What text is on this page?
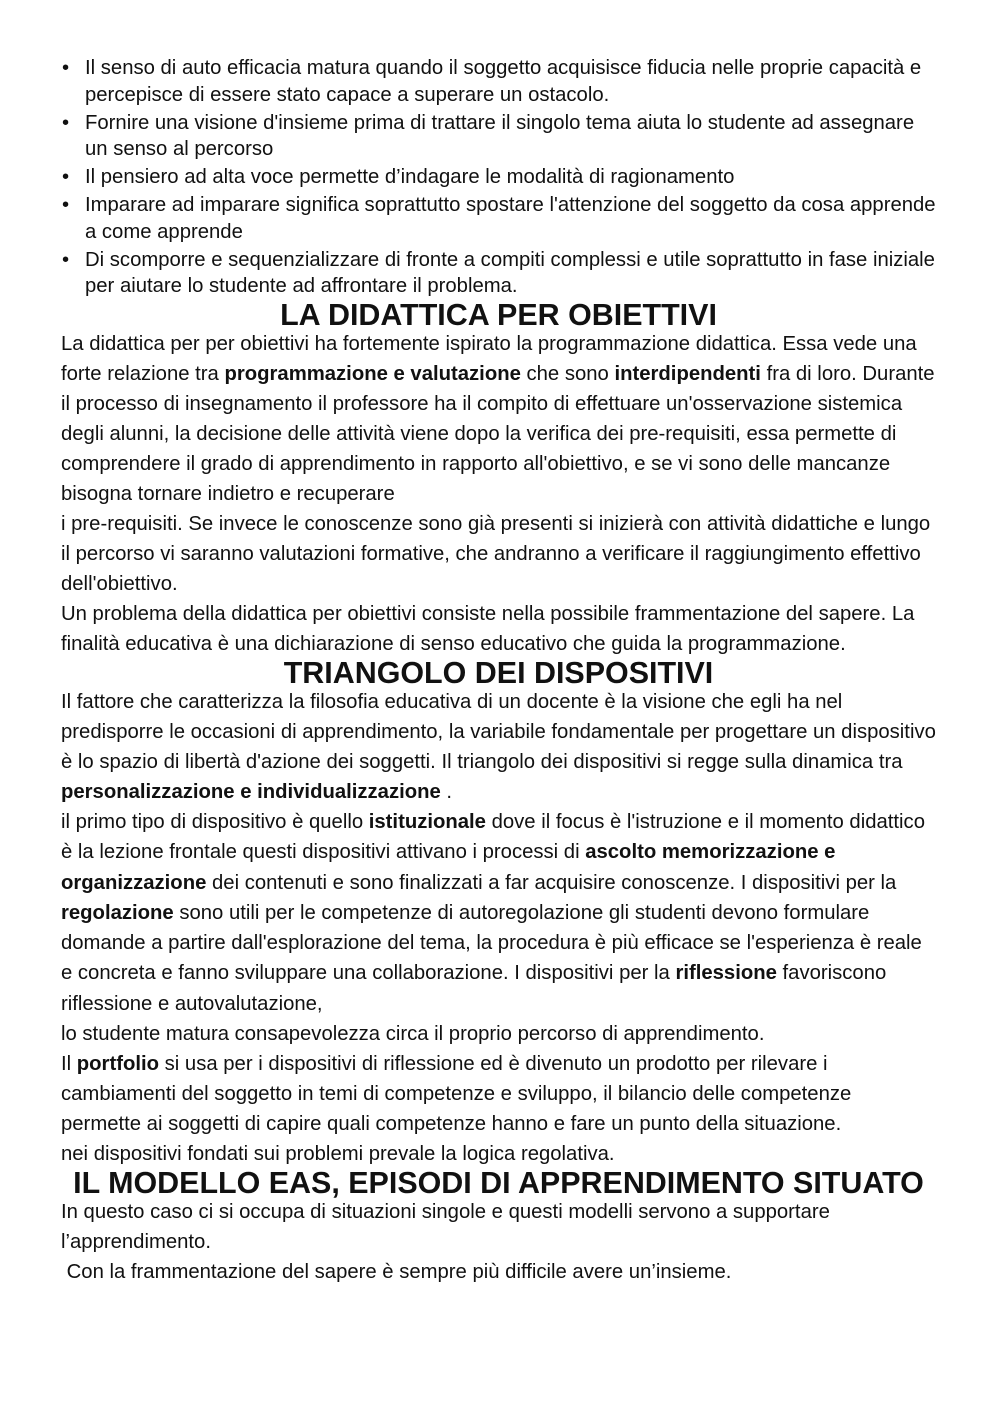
• Il senso di auto efficacia matura quando il soggetto acquisisce fiducia nelle proprie capacità e percepisce di essere stato capace a superare un ostacolo.
• Fornire una visione d'insieme prima di trattare il singolo tema aiuta lo studente ad assegnare un senso al percorso
• Il pensiero ad alta voce permette d’indagare le modalità di ragionamento
• Imparare ad imparare significa soprattutto spostare l'attenzione del soggetto da cosa apprende a come apprende
• Di scomporre e sequenzializzare di fronte a compiti complessi e utile soprattutto in fase iniziale per aiutare lo studente ad affrontare il problema.
LA DIDATTICA PER OBIETTIVI

La didattica per per obiettivi ha fortemente ispirato la programmazione didattica. Essa vede una forte relazione tra programmazione e valutazione che sono interdipendenti fra di loro. Durante il processo di insegnamento il professore ha il compito di effettuare un'osservazione sistemica degli alunni, la decisione delle attività viene dopo la verifica dei pre-requisiti, essa permette di comprendere il grado di apprendimento in rapporto all'obiettivo, e se vi sono delle mancanze bisogna tornare indietro e recuperare
i pre-requisiti. Se invece le conoscenze sono già presenti si inizierà con attività didattiche e lungo il percorso vi saranno valutazioni formative, che andranno a verificare il raggiungimento effettivo dell'obiettivo.

Un problema della didattica per obiettivi consiste nella possibile frammentazione del sapere. La finalità educativa è una dichiarazione di senso educativo che guida la programmazione.

TRIANGOLO DEI DISPOSITIVI

Il fattore che caratterizza la filosofia educativa di un docente è la visione che egli ha nel predisporre le occasioni di apprendimento, la variabile fondamentale per progettare un dispositivo è lo spazio di libertà d'azione dei soggetti. Il triangolo dei dispositivi si regge sulla dinamica tra personalizzazione e individualizzazione .

il primo tipo di dispositivo è quello istituzionale dove il focus è l'istruzione e il momento didattico è la lezione frontale questi dispositivi attivano i processi di ascolto memorizzazione e organizzazione dei contenuti e sono finalizzati a far acquisire conoscenze. I dispositivi per la regolazione sono utili per le competenze di autoregolazione gli studenti devono formulare domande a partire dall'esplorazione del tema, la procedura è più efficace se l'esperienza è reale e concreta e fanno sviluppare una collaborazione. I dispositivi per la riflessione favoriscono riflessione e autovalutazione,
lo studente matura consapevolezza circa il proprio percorso di apprendimento.

Il portfolio si usa per i dispositivi di riflessione ed è divenuto un prodotto per rilevare i cambiamenti del soggetto in temi di competenze e sviluppo, il bilancio delle competenze permette ai soggetti di capire quali competenze hanno e fare un punto della situazione.
nei dispositivi fondati sui problemi prevale la logica regolativa.

IL MODELLO EAS, EPISODI DI APPRENDIMENTO SITUATO

In questo caso ci si occupa di situazioni singole e questi modelli servono a supportare l’apprendimento.

Con la frammentazione del sapere è sempre più difficile avere un’insieme.
